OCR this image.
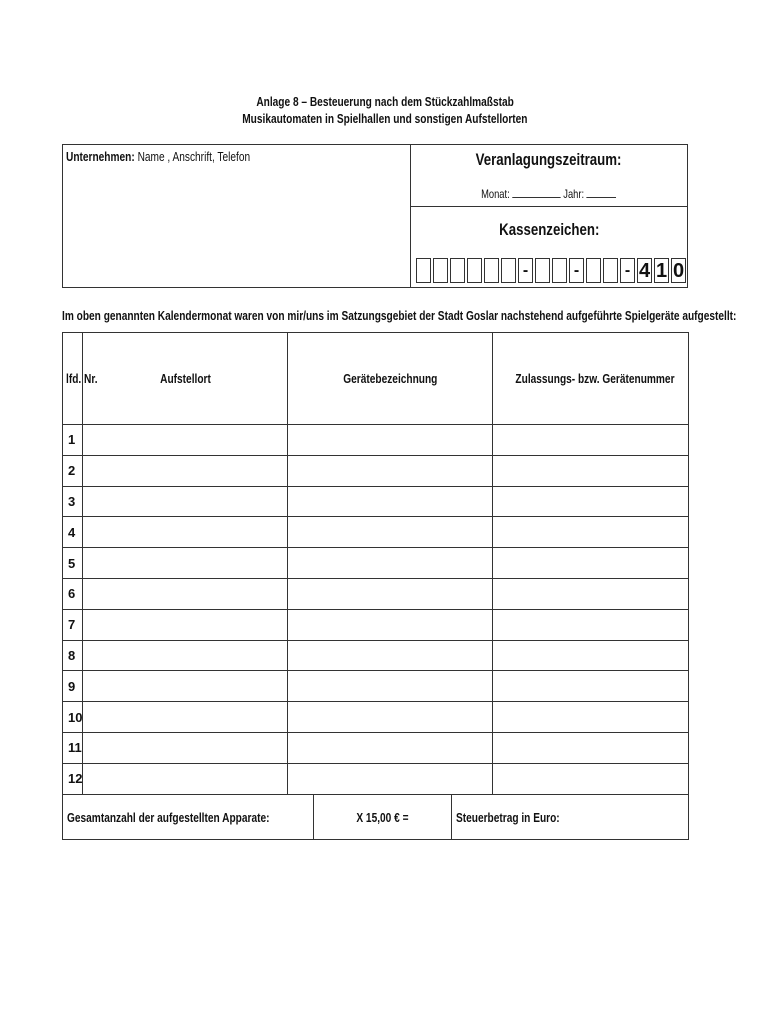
Anlage 8 – Besteuerung nach dem Stückzahlmaßstab
Musikautomaten in Spielhallen und sonstigen Aufstellorten
Unternehmen: Name , Anschrift, Telefon	Veranlagungszeitraum:
Monat:	Jahr:
Kassenzeichen:
-	-	- 4 1 0
Im oben genannten Kalendermonat waren von mir/uns im Satzungsgebiet der Stadt Goslar nachstehend aufgeführte Spielgeräte aufgestellt:
lfd. Nr.	Aufstellort	Gerätebezeichnung	Zulassungs- bzw. Gerätenummer
1			
2			
3			
4			
5			
6			
7			
8			
9			
10			
11			
12			
Gesamtanzahl der aufgestellten Apparate:	X 15,00 € =	Steuerbetrag in Euro:
